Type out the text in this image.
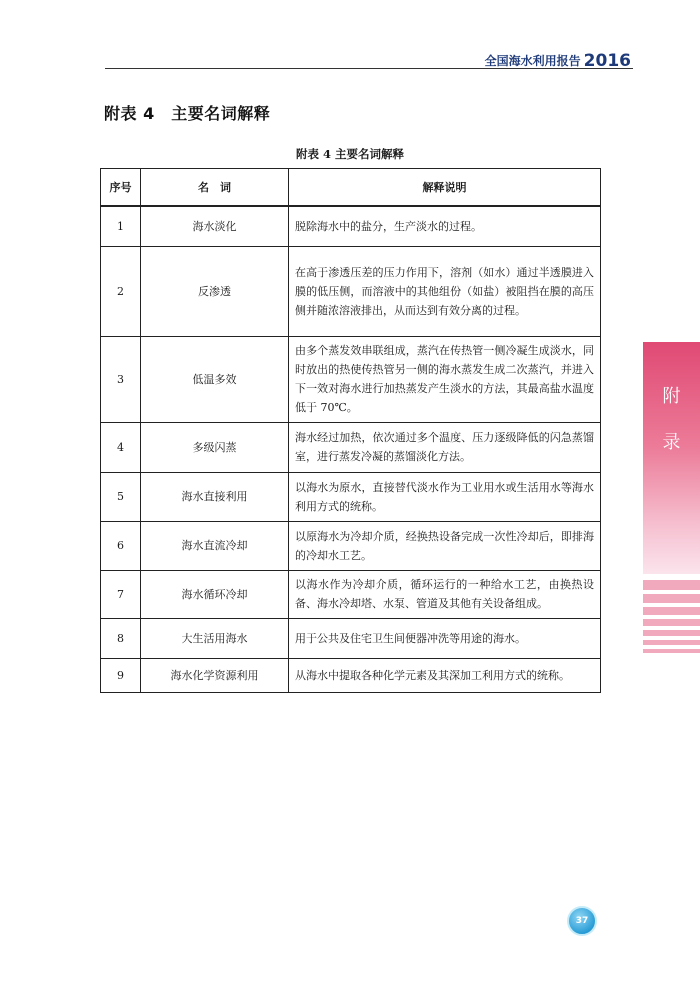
全国海水利用报告 2016
附表 4　主要名词解释
附表 4 主要名词解释
序号	名　词	解释说明
1	海水淡化	脱除海水中的盐分，生产淡水的过程。
2	反渗透	在高于渗透压差的压力作用下，溶剂（如水）通过半透膜进入膜的低压侧，而溶液中的其他组份（如盐）被阻挡在膜的高压侧并随浓溶液排出，从而达到有效分离的过程。
3	低温多效	由多个蒸发效串联组成，蒸汽在传热管一侧冷凝生成淡水，同时放出的热使传热管另一侧的海水蒸发生成二次蒸汽，并进入下一效对海水进行加热蒸发产生淡水的方法，其最高盐水温度低于 70℃。
4	多级闪蒸	海水经过加热，依次通过多个温度、压力逐级降低的闪急蒸馏室，进行蒸发冷凝的蒸馏淡化方法。
5	海水直接利用	以海水为原水，直接替代淡水作为工业用水或生活用水等海水利用方式的统称。
6	海水直流冷却	以原海水为冷却介质，经换热设备完成一次性冷却后，即排海的冷却水工艺。
7	海水循环冷却	以海水作为冷却介质，循环运行的一种给水工艺，由换热设备、海水冷却塔、水泵、管道及其他有关设备组成。
8	大生活用海水	用于公共及住宅卫生间便器冲洗等用途的海水。
9	海水化学资源利用	从海水中提取各种化学元素及其深加工利用方式的统称。
附
录
37
